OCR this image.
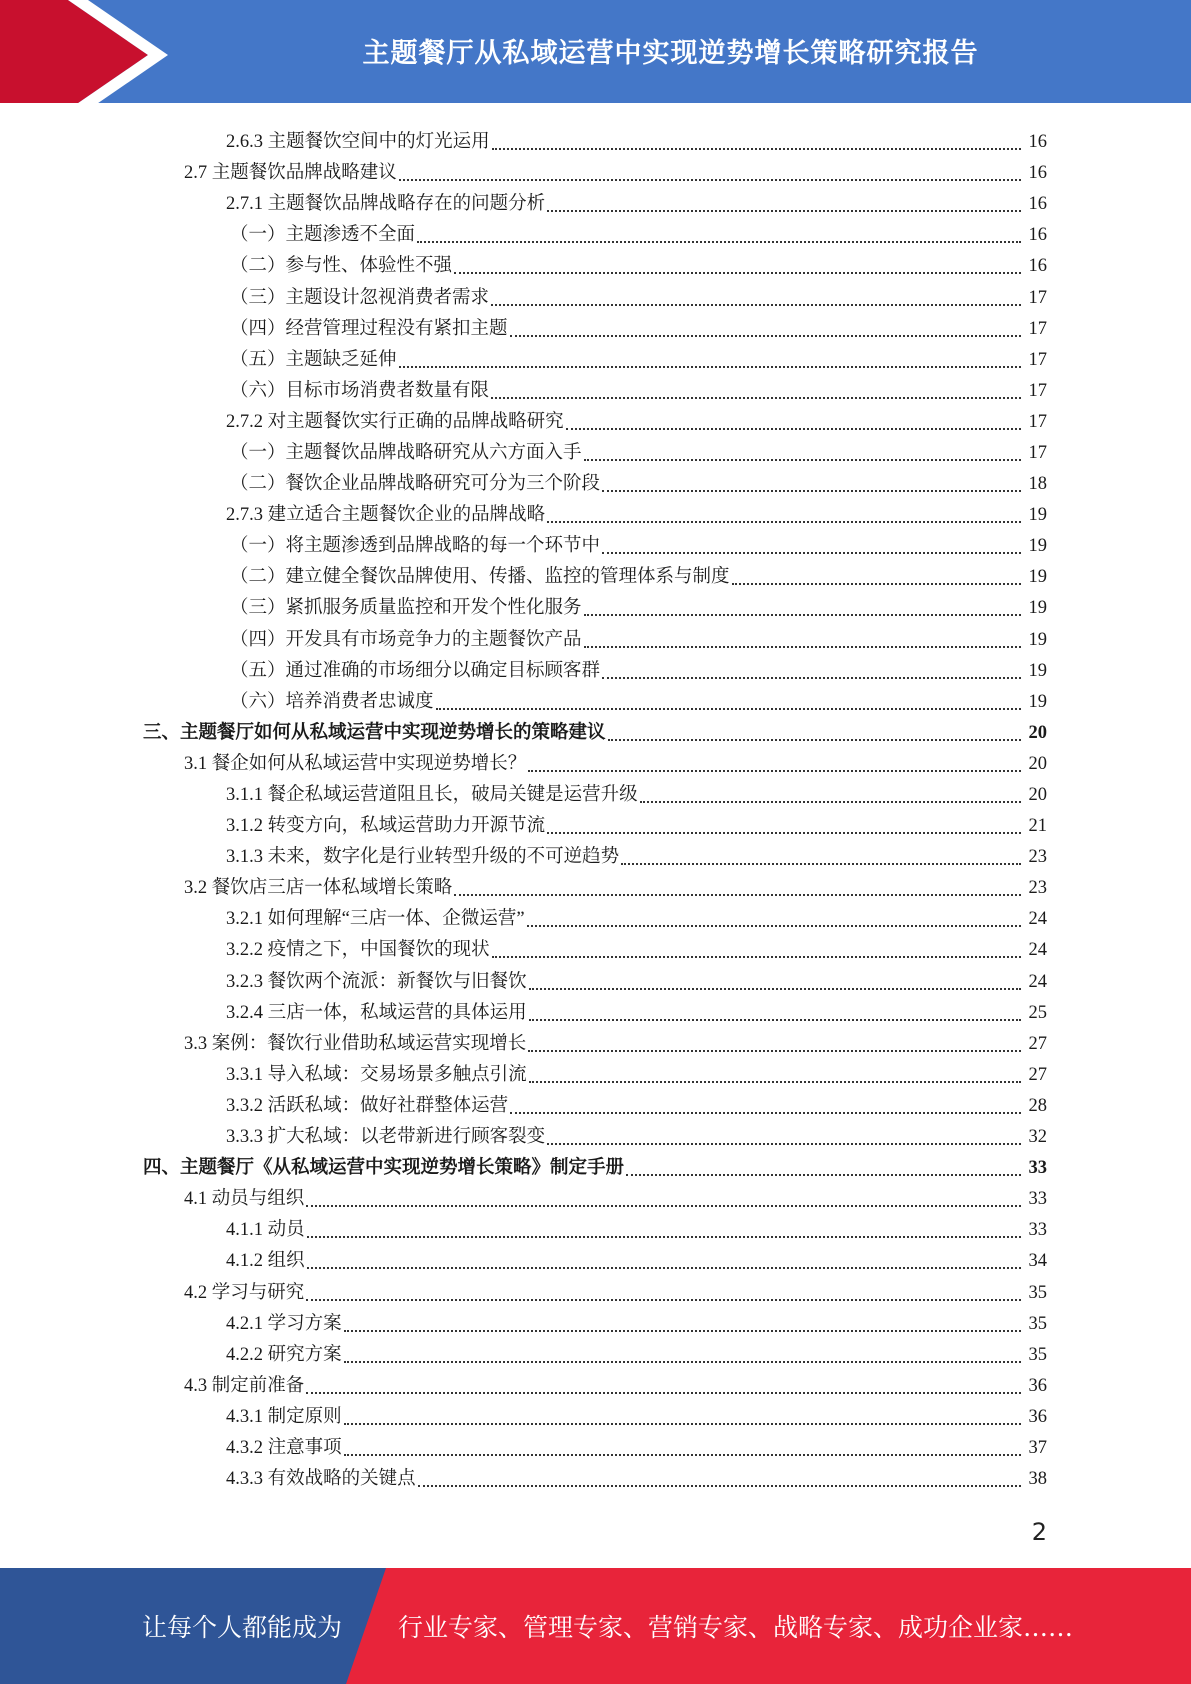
主题餐厅从私域运营中实现逆势增长策略研究报告
2.6.3 主题餐饮空间中的灯光运用	16
2.7 主题餐饮品牌战略建议	16
2.7.1 主题餐饮品牌战略存在的问题分析	16
（一）主题渗透不全面	16
（二）参与性、体验性不强	16
（三）主题设计忽视消费者需求	17
（四）经营管理过程没有紧扣主题	17
（五）主题缺乏延伸	17
（六）目标市场消费者数量有限	17
2.7.2 对主题餐饮实行正确的品牌战略研究	17
（一）主题餐饮品牌战略研究从六方面入手	17
（二）餐饮企业品牌战略研究可分为三个阶段	18
2.7.3 建立适合主题餐饮企业的品牌战略	19
（一）将主题渗透到品牌战略的每一个环节中	19
（二）建立健全餐饮品牌使用、传播、监控的管理体系与制度	19
（三）紧抓服务质量监控和开发个性化服务	19
（四）开发具有市场竞争力的主题餐饮产品	19
（五）通过准确的市场细分以确定目标顾客群	19
（六）培养消费者忠诚度	19
三、主题餐厅如何从私域运营中实现逆势增长的策略建议	20
3.1 餐企如何从私域运营中实现逆势增长？	20
3.1.1 餐企私域运营道阻且长，破局关键是运营升级	20
3.1.2 转变方向，私域运营助力开源节流	21
3.1.3 未来，数字化是行业转型升级的不可逆趋势	23
3.2 餐饮店三店一体私域增长策略	23
3.2.1 如何理解“三店一体、企微运营”	24
3.2.2 疫情之下，中国餐饮的现状	24
3.2.3 餐饮两个流派：新餐饮与旧餐饮	24
3.2.4 三店一体，私域运营的具体运用	25
3.3 案例：餐饮行业借助私域运营实现增长	27
3.3.1 导入私域：交易场景多触点引流	27
3.3.2 活跃私域：做好社群整体运营	28
3.3.3 扩大私域：以老带新进行顾客裂变	32
四、主题餐厅《从私域运营中实现逆势增长策略》制定手册	33
4.1 动员与组织	33
4.1.1 动员	33
4.1.2 组织	34
4.2 学习与研究	35
4.2.1 学习方案	35
4.2.2 研究方案	35
4.3 制定前准备	36
4.3.1 制定原则	36
4.3.2 注意事项	37
4.3.3 有效战略的关键点	38
2
让每个人都能成为 行业专家、管理专家、营销专家、战略专家、成功企业家……
